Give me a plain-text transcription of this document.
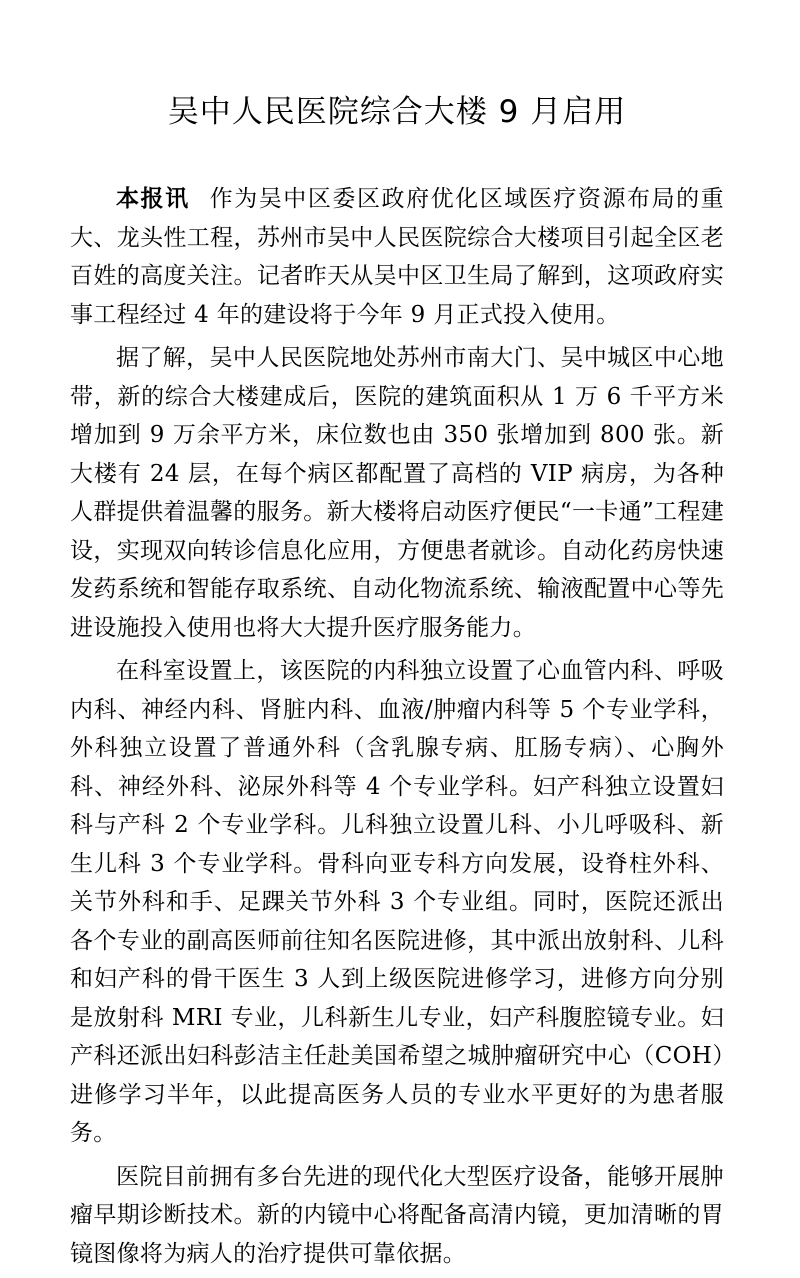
吴中人民医院综合大楼 9 月启用

本报讯 作为吴中区委区政府优化区域医疗资源布局的重大、龙头性工程，苏州市吴中人民医院综合大楼项目引起全区老百姓的高度关注。记者昨天从吴中区卫生局了解到，这项政府实事工程经过 4 年的建设将于今年 9 月正式投入使用。

据了解，吴中人民医院地处苏州市南大门、吴中城区中心地带，新的综合大楼建成后，医院的建筑面积从 1 万 6 千平方米增加到 9 万余平方米，床位数也由 350 张增加到 800 张。新大楼有 24 层，在每个病区都配置了高档的 VIP 病房，为各种人群提供着温馨的服务。新大楼将启动医疗便民“一卡通”工程建设，实现双向转诊信息化应用，方便患者就诊。自动化药房快速发药系统和智能存取系统、自动化物流系统、输液配置中心等先进设施投入使用也将大大提升医疗服务能力。

在科室设置上，该医院的内科独立设置了心血管内科、呼吸内科、神经内科、肾脏内科、血液/肿瘤内科等 5 个专业学科，外科独立设置了普通外科（含乳腺专病、肛肠专病）、心胸外科、神经外科、泌尿外科等 4 个专业学科。妇产科独立设置妇科与产科 2 个专业学科。儿科独立设置儿科、小儿呼吸科、新生儿科 3 个专业学科。骨科向亚专科方向发展，设脊柱外科、关节外科和手、足踝关节外科 3 个专业组。同时，医院还派出各个专业的副高医师前往知名医院进修，其中派出放射科、儿科和妇产科的骨干医生 3 人到上级医院进修学习，进修方向分别是放射科 MRI 专业，儿科新生儿专业，妇产科腹腔镜专业。妇产科还派出妇科彭洁主任赴美国希望之城肿瘤研究中心（COH）进修学习半年，以此提高医务人员的专业水平更好的为患者服务。

医院目前拥有多台先进的现代化大型医疗设备，能够开展肿瘤早期诊断技术。新的内镜中心将配备高清内镜，更加清晰的胃镜图像将为病人的治疗提供可靠依据。
